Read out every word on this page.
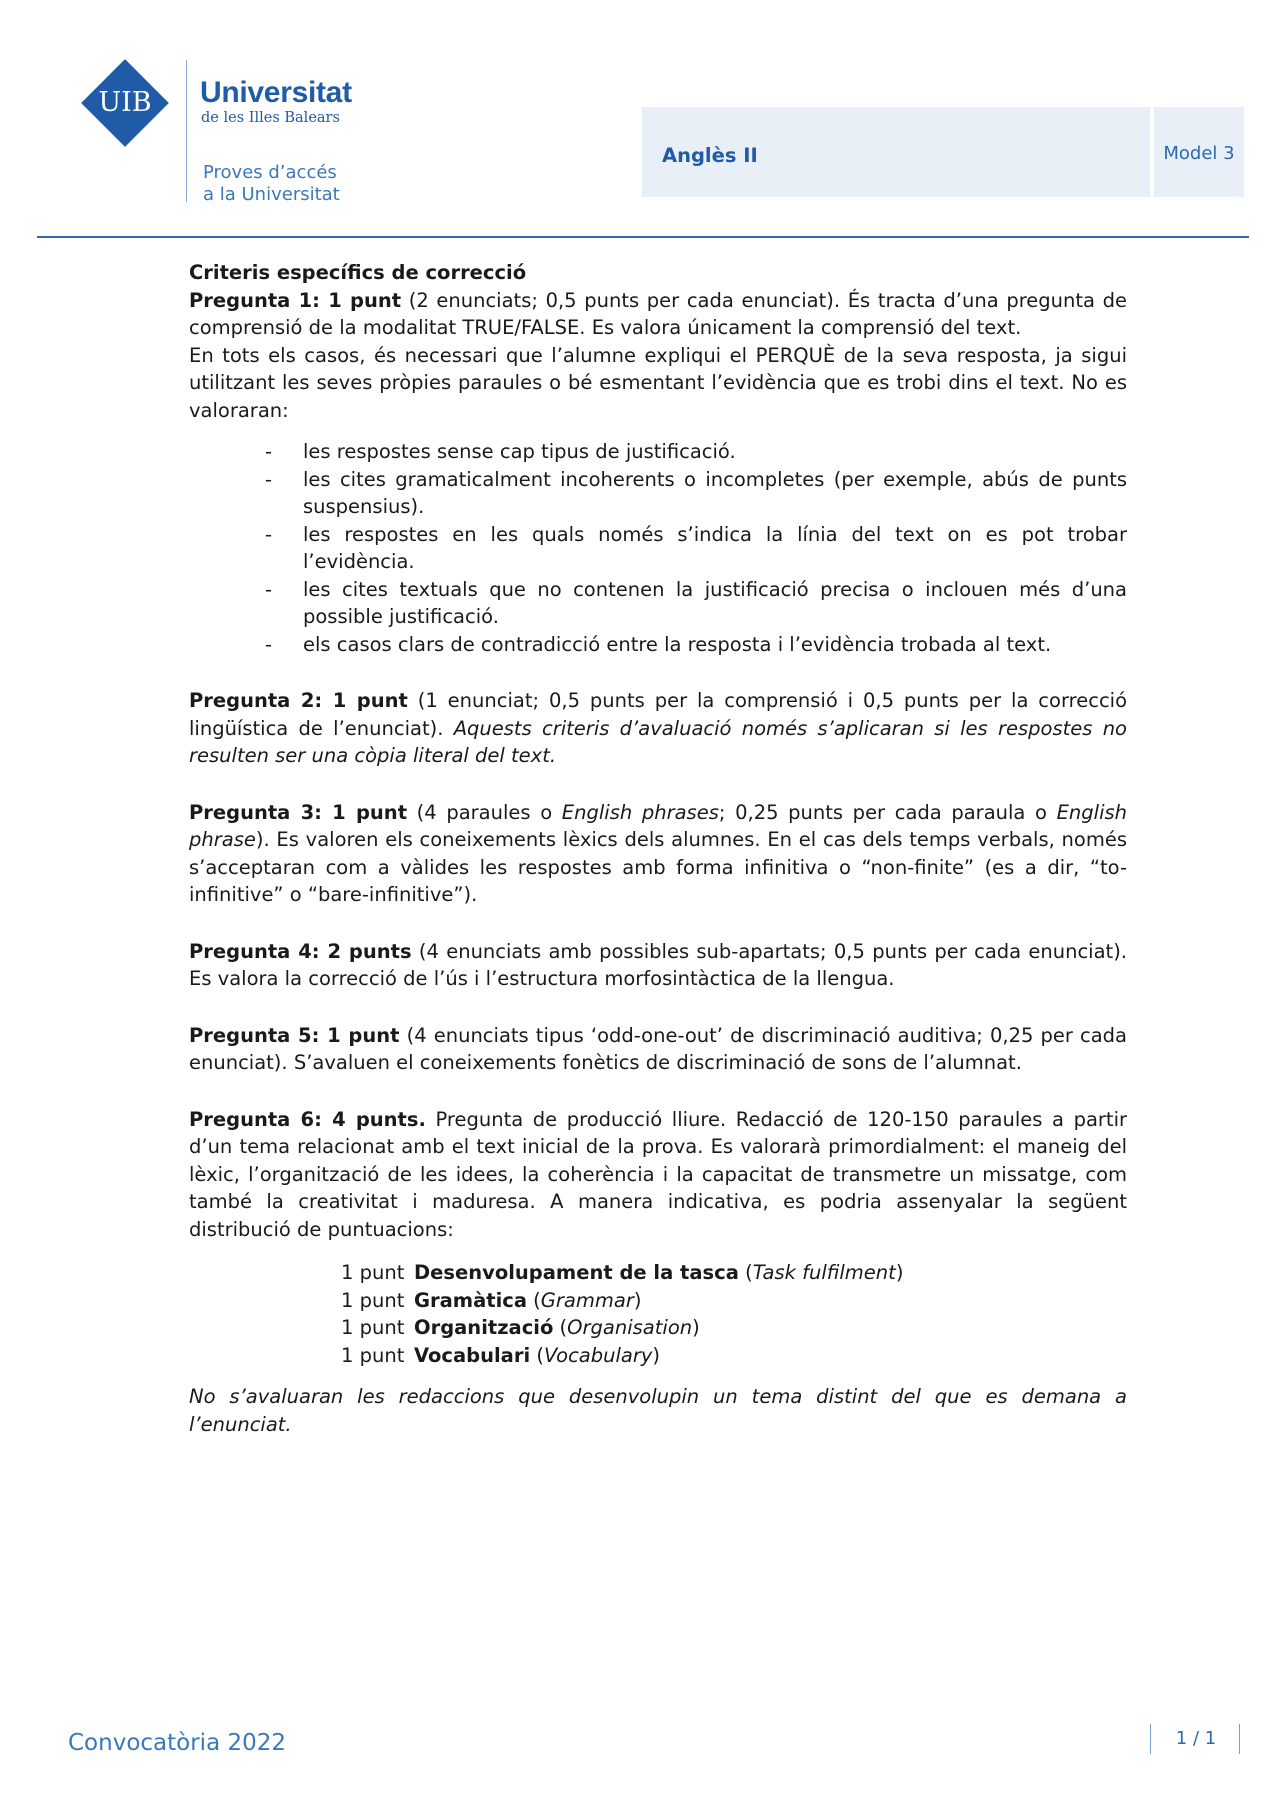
UIB	Universitat
de les Illes Balears
Proves d’accés
a la Universitat
Anglès II	Model 3

Criteris específics de correcció

Pregunta 1: 1 punt (2 enunciats; 0,5 punts per cada enunciat). És tracta d’una pregunta de comprensió de la modalitat TRUE/FALSE. Es valora únicament la comprensió del text.

En tots els casos, és necessari que l’alumne expliqui el PERQUÈ de la seva resposta, ja sigui utilitzant les seves pròpies paraules o bé esmentant l’evidència que es trobi dins el text. No es valoraran:

- les respostes sense cap tipus de justificació.
- les cites gramaticalment incoherents o incompletes (per exemple, abús de punts suspensius).
- les respostes en les quals només s’indica la línia del text on es pot trobar l’evidència.
- les cites textuals que no contenen la justificació precisa o inclouen més d’una possible justificació.
- els casos clars de contradicció entre la resposta i l’evidència trobada al text.

Pregunta 2: 1 punt (1 enunciat; 0,5 punts per la comprensió i 0,5 punts per la correcció lingüística de l’enunciat). Aquests criteris d’avaluació només s’aplicaran si les respostes no resulten ser una còpia literal del text.

Pregunta 3: 1 punt (4 paraules o English phrases; 0,25 punts per cada paraula o English phrase). Es valoren els coneixements lèxics dels alumnes. En el cas dels temps verbals, només s’acceptaran com a vàlides les respostes amb forma infinitiva o “non-finite” (es a dir, “to-infinitive” o “bare-infinitive”).

Pregunta 4: 2 punts (4 enunciats amb possibles sub-apartats; 0,5 punts per cada enunciat). Es valora la correcció de l’ús i l’estructura morfosintàctica de la llengua.

Pregunta 5: 1 punt (4 enunciats tipus ‘odd-one-out’ de discriminació auditiva; 0,25 per cada enunciat). S’avaluen el coneixements fonètics de discriminació de sons de l’alumnat.

Pregunta 6: 4 punts. Pregunta de producció lliure. Redacció de 120-150 paraules a partir d’un tema relacionat amb el text inicial de la prova. Es valorarà primordialment: el maneig del lèxic, l’organització de les idees, la coherència i la capacitat de transmetre un missatge, com també la creativitat i maduresa. A manera indicativa, es podria assenyalar la següent distribució de puntuacions:

1 punt Desenvolupament de la tasca (Task fulfilment)
1 punt Gramàtica (Grammar)
1 punt Organització (Organisation)
1 punt Vocabulari (Vocabulary)

No s’avaluaran les redaccions que desenvolupin un tema distint del que es demana a l’enunciat.

Convocatòria 2022	1 / 1
